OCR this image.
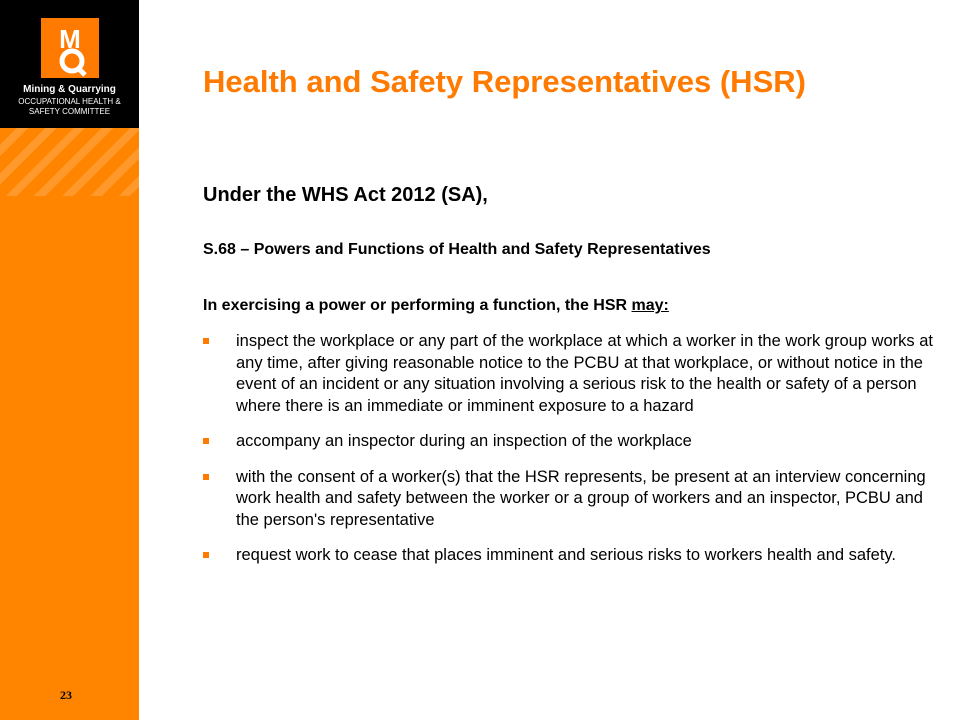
M
Mining & Quarrying
OCCUPATIONAL HEALTH &
SAFETY COMMITTEE
23
Health and Safety Representatives (HSR)
Under the WHS Act 2012 (SA),
S.68 – Powers and Functions of Health and Safety Representatives
In exercising a power or performing a function, the HSR may:
inspect the workplace or any part of the workplace at which a worker in the work group works at any time, after giving reasonable notice to the PCBU at that workplace, or without notice in the event of an incident or any situation involving a serious risk to the health or safety of a person where there is an immediate or imminent exposure to a hazard
accompany an inspector during an inspection of the workplace
with the consent of a worker(s) that the HSR represents, be present at an interview concerning work health and safety between the worker or a group of workers and an inspector, PCBU and the person's representative
request work to cease that places imminent and serious risks to workers health and safety.
